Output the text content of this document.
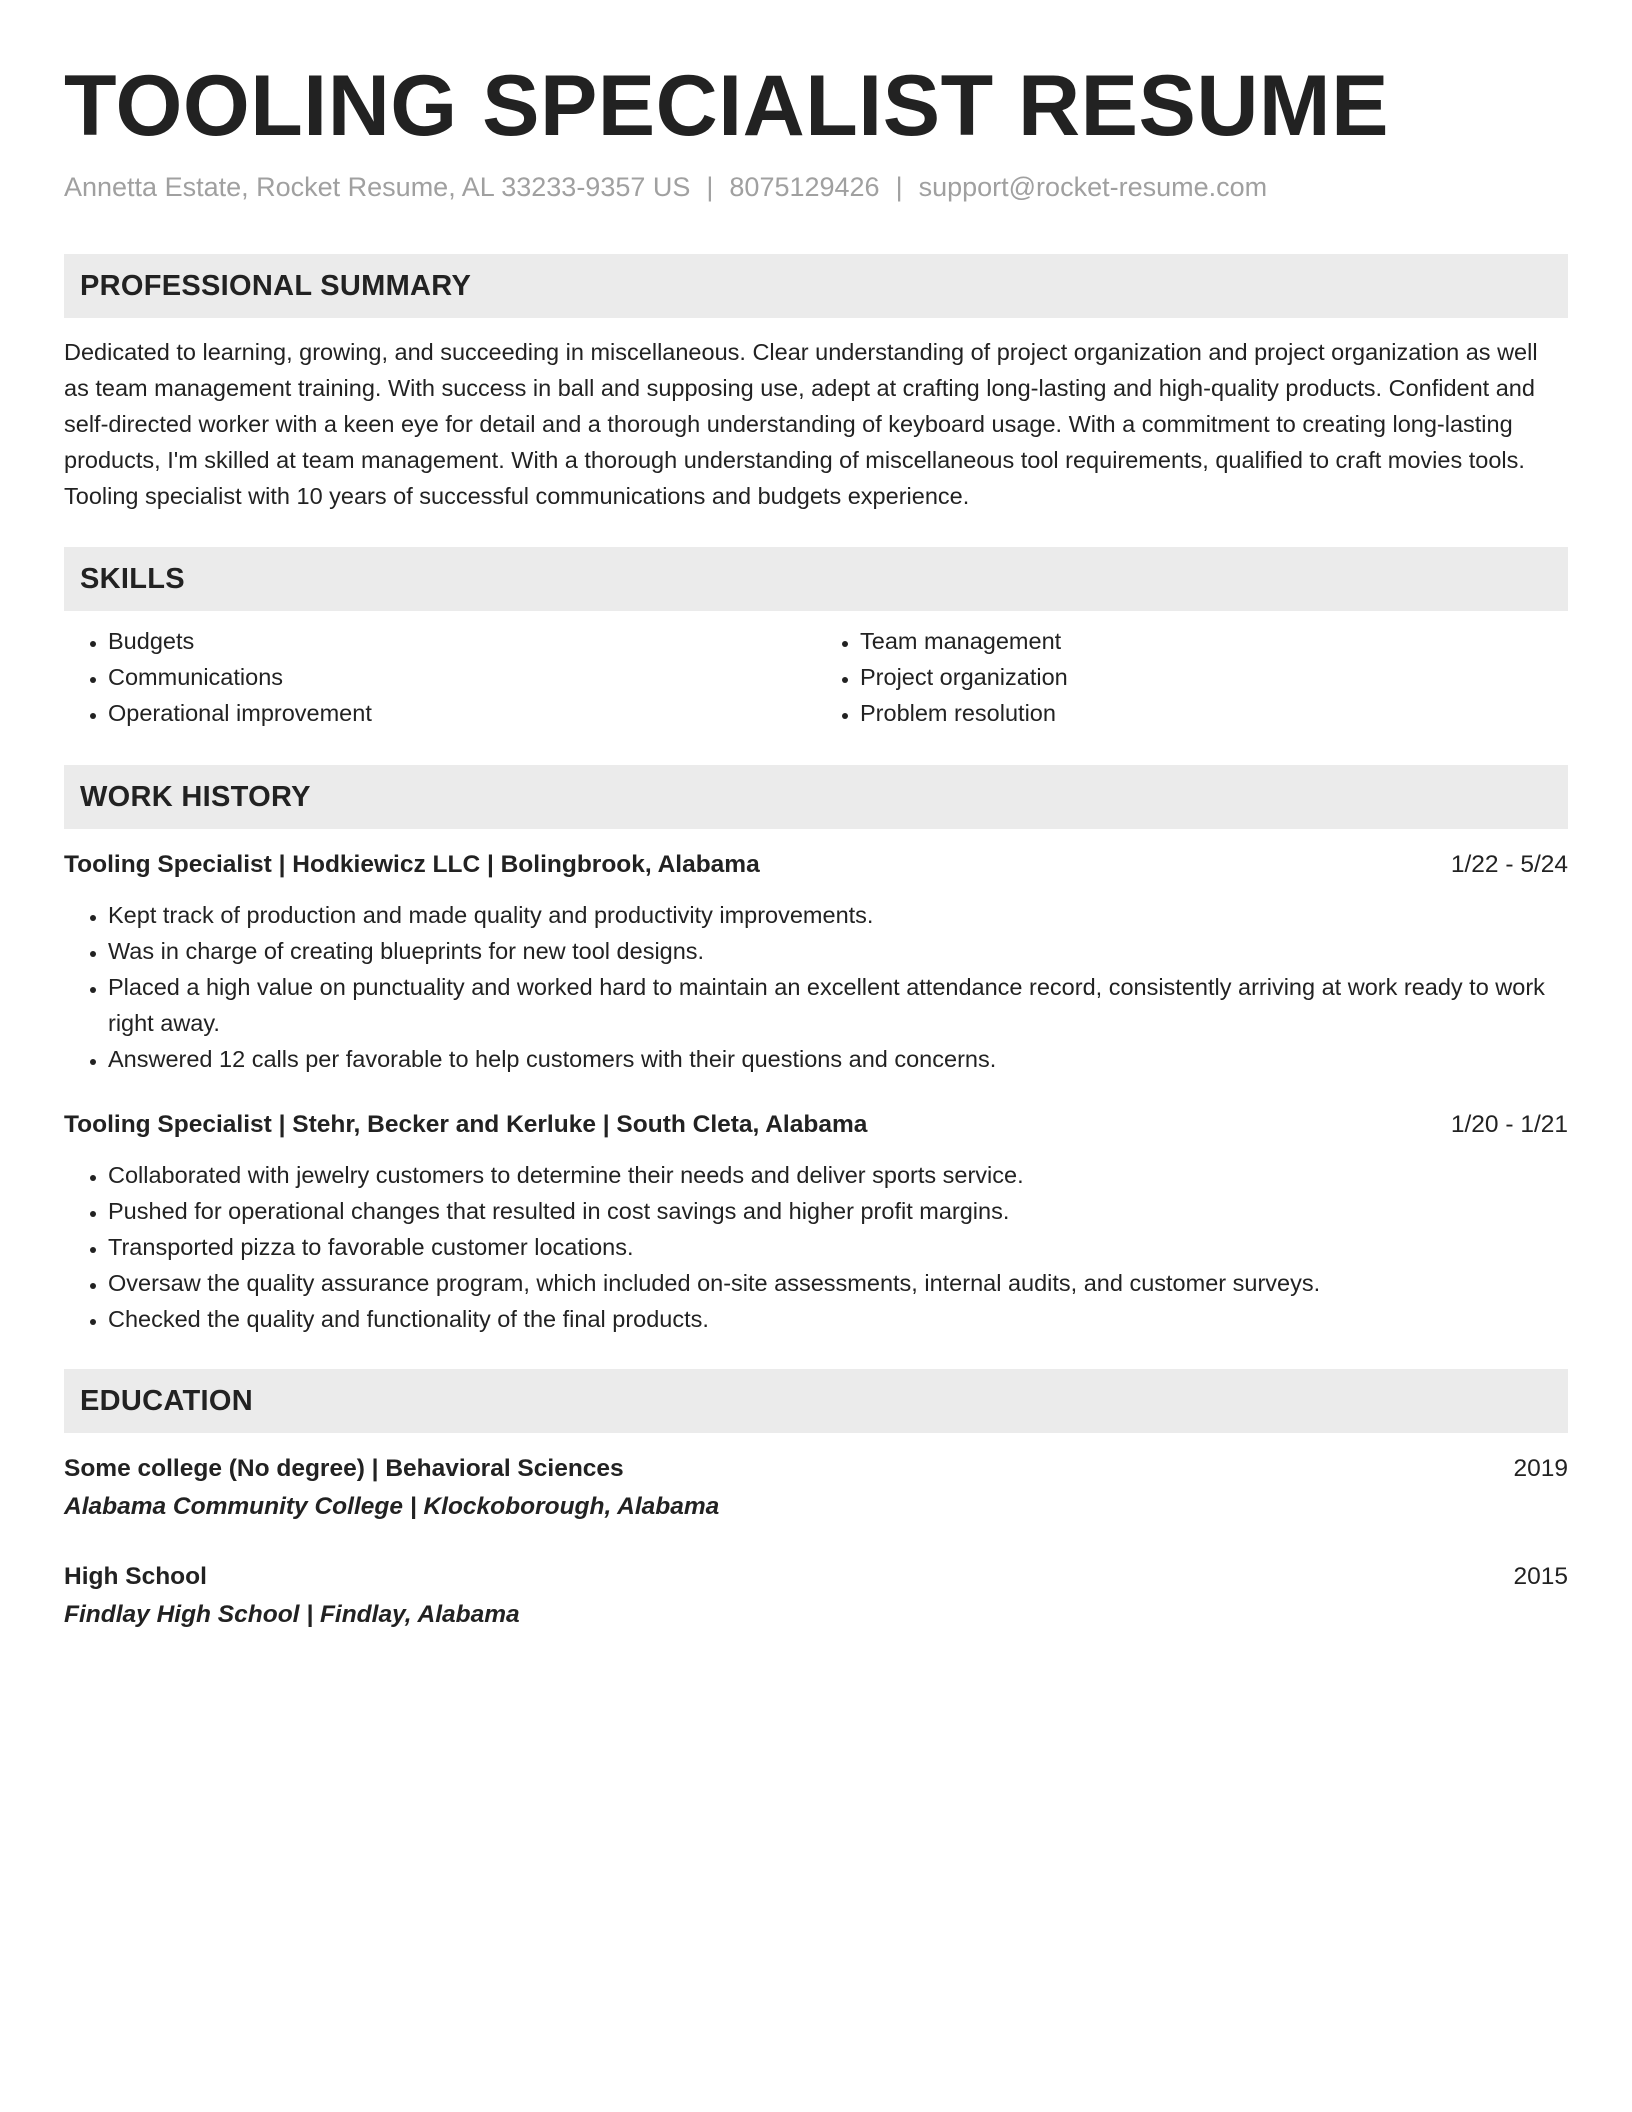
TOOLING SPECIALIST RESUME
Annetta Estate, Rocket Resume, AL 33233-9357 US | 8075129426 | support@rocket-resume.com
PROFESSIONAL SUMMARY

Dedicated to learning, growing, and succeeding in miscellaneous. Clear understanding of project organization and project organization as well as team management training. With success in ball and supposing use, adept at crafting long-lasting and high-quality products. Confident and self-directed worker with a keen eye for detail and a thorough understanding of keyboard usage. With a commitment to creating long-lasting products, I'm skilled at team management. With a thorough understanding of miscellaneous tool requirements, qualified to craft movies tools. Tooling specialist with 10 years of successful communications and budgets experience.

SKILLS
• Budgets
• Communications
• Operational improvement
• Team management
• Project organization
• Problem resolution
WORK HISTORY
Tooling Specialist | Hodkiewicz LLC | Bolingbrook, Alabama	1/22 - 5/24
• Kept track of production and made quality and productivity improvements.
• Was in charge of creating blueprints for new tool designs.
• Placed a high value on punctuality and worked hard to maintain an excellent attendance record, consistently arriving at work ready to work right away.
• Answered 12 calls per favorable to help customers with their questions and concerns.
Tooling Specialist | Stehr, Becker and Kerluke | South Cleta, Alabama	1/20 - 1/21
• Collaborated with jewelry customers to determine their needs and deliver sports service.
• Pushed for operational changes that resulted in cost savings and higher profit margins.
• Transported pizza to favorable customer locations.
• Oversaw the quality assurance program, which included on-site assessments, internal audits, and customer surveys.
• Checked the quality and functionality of the final products.
EDUCATION
Some college (No degree) | Behavioral Sciences	2019
Alabama Community College | Klockoborough, Alabama
High School	2015
Findlay High School | Findlay, Alabama
